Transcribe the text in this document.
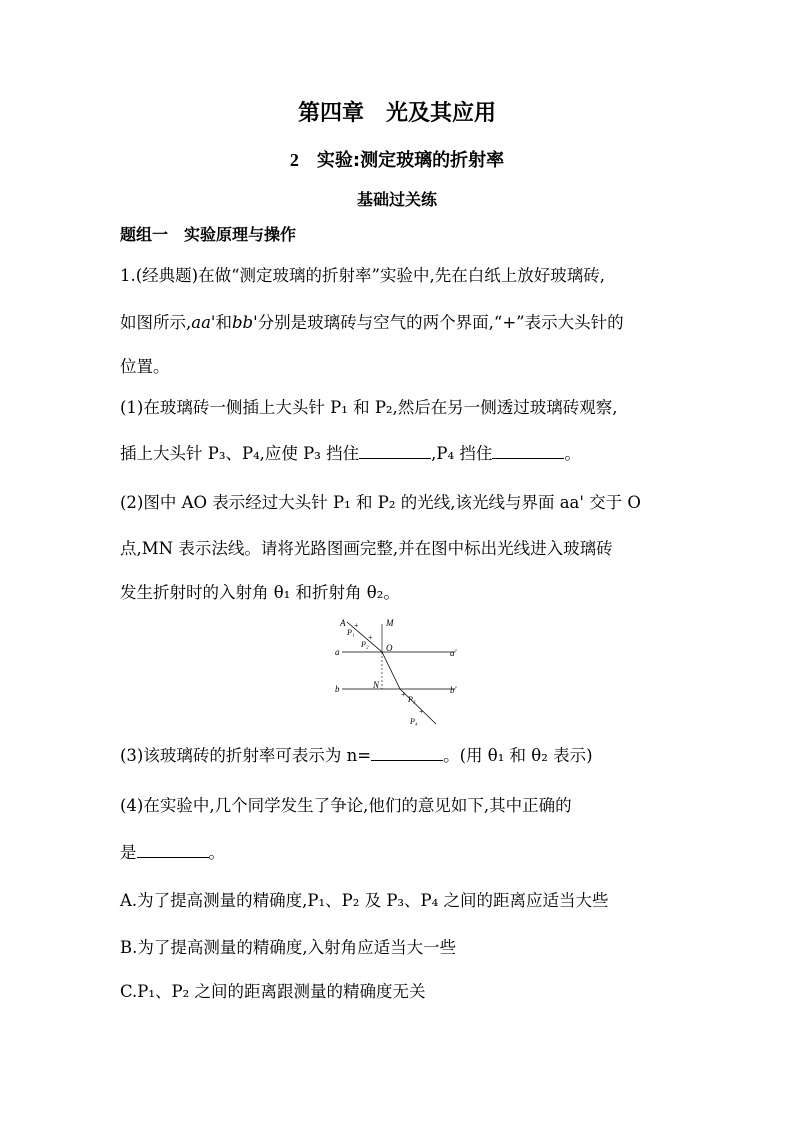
第四章　光及其应用
2 实验:测定玻璃的折射率
基础过关练
题组一　实验原理与操作
1.(经典题)在做“测定玻璃的折射率”实验中,先在白纸上放好玻璃砖,
如图所示,aa'和bb'分别是玻璃砖与空气的两个界面,“+”表示大头针的
位置。
(1)在玻璃砖一侧插上大头针 P₁ 和 P₂,然后在另一侧透过玻璃砖观察,
插上大头针 P₃、P₄,应使 P₃ 挡住	,P₄ 挡住	。
(2)图中 AO 表示经过大头针 P₁ 和 P₂ 的光线,该光线与界面 aa' 交于 O
点,MN 表示法线。请将光路图画完整,并在图中标出光线进入玻璃砖
发生折射时的入射角 θ₁ 和折射角 θ₂。
+
+
+
+
A
P₁
P₂
M
O
a	a'
N
b	b'
P₃
P₄
(3)该玻璃砖的折射率可表示为 n=	。(用 θ₁ 和 θ₂ 表示)
(4)在实验中,几个同学发生了争论,他们的意见如下,其中正确的
是	。
A.为了提高测量的精确度,P₁、P₂ 及 P₃、P₄ 之间的距离应适当大些
B.为了提高测量的精确度,入射角应适当大一些
C.P₁、P₂ 之间的距离跟测量的精确度无关
